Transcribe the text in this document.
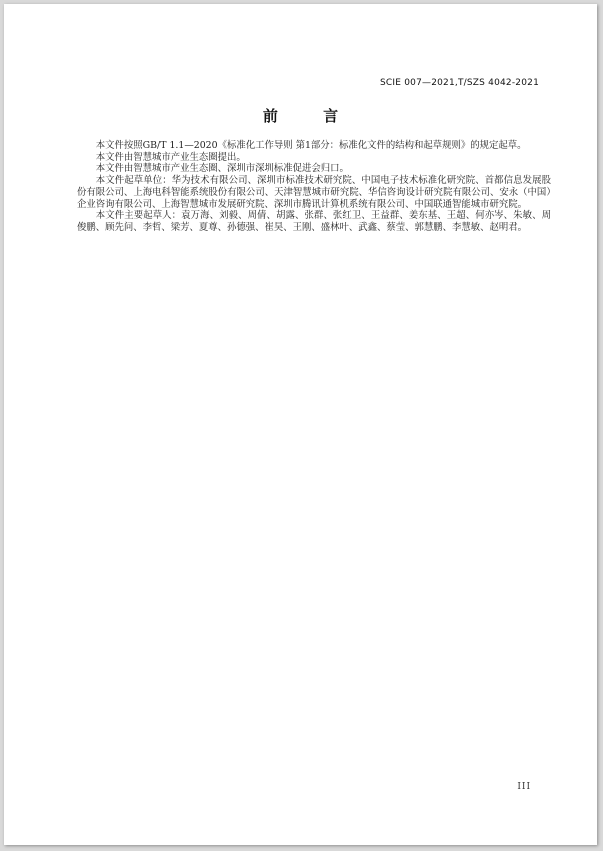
SCIE 007—2021,T/SZS 4042-2021
前 言

本文件按照GB/T 1.1—2020《标准化工作导则 第1部分：标准化文件的结构和起草规则》的规定起草。

本文件由智慧城市产业生态圈提出。

本文件由智慧城市产业生态圈、深圳市深圳标准促进会归口。

本文件起草单位：华为技术有限公司、深圳市标准技术研究院、中国电子技术标准化研究院、首都信息发展股份有限公司、上海电科智能系统股份有限公司、天津智慧城市研究院、华信咨询设计研究院有限公司、安永（中国）企业咨询有限公司、上海智慧城市发展研究院、深圳市腾讯计算机系统有限公司、中国联通智能城市研究院。

本文件主要起草人：袁万海、刘毅、周倩、胡露、张群、张红卫、王益群、姜东基、王超、何亦岑、朱敏、周俊鹏、顾先问、李哲、梁芳、夏尊、孙德强、崔昊、王刚、盛林叶、武鑫、蔡莹、郭慧鹏、李慧敏、赵明君。

III
